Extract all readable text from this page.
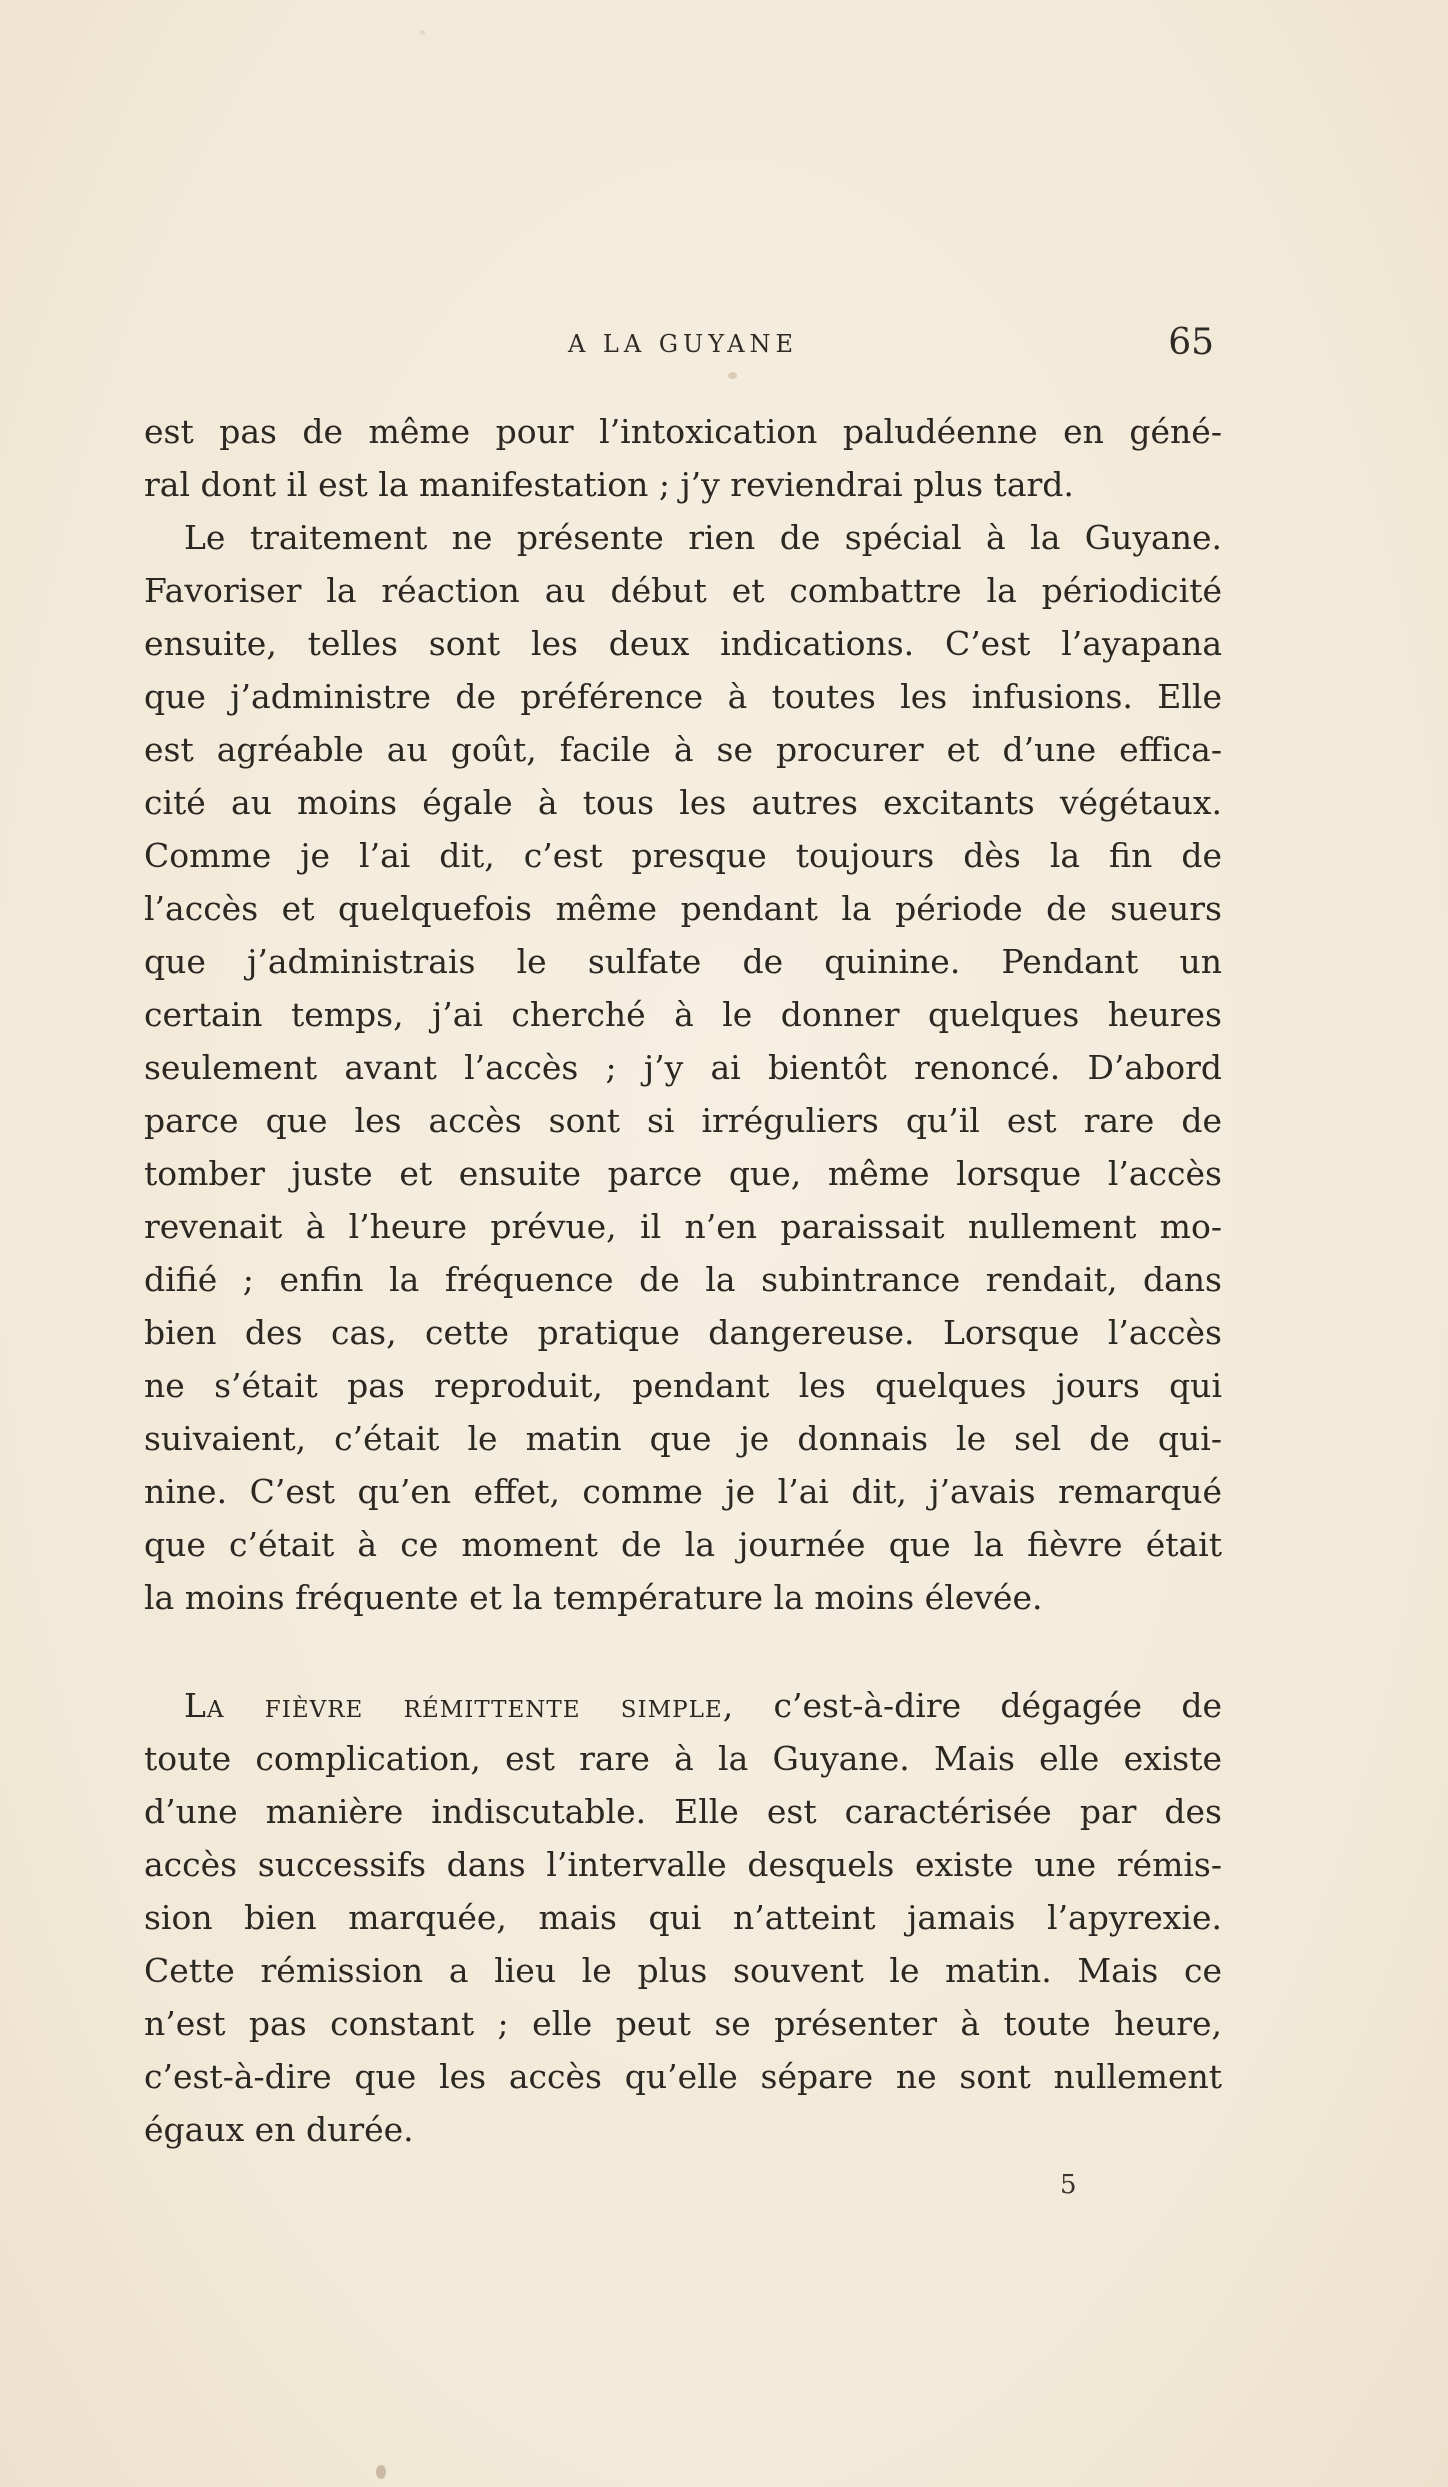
A LA GUYANE	65
est pas de même pour l’intoxication paludéenne en géné-
ral dont il est la manifestation ; j’y reviendrai plus tard.
Le traitement ne présente rien de spécial à la Guyane.
Favoriser la réaction au début et combattre la périodicité
ensuite, telles sont les deux indications. C’est l’ayapana
que j’administre de préférence à toutes les infusions. Elle
est agréable au goût, facile à se procurer et d’une effica-
cité au moins égale à tous les autres excitants végétaux.
Comme je l’ai dit, c’est presque toujours dès la fin de
l’accès et quelquefois même pendant la période de sueurs
que j’administrais le sulfate de quinine. Pendant un
certain temps, j’ai cherché à le donner quelques heures
seulement avant l’accès ; j’y ai bientôt renoncé. D’abord
parce que les accès sont si irréguliers qu’il est rare de
tomber juste et ensuite parce que, même lorsque l’accès
revenait à l’heure prévue, il n’en paraissait nullement mo-
difié ; enfin la fréquence de la subintrance rendait, dans
bien des cas, cette pratique dangereuse. Lorsque l’accès
ne s’était pas reproduit, pendant les quelques jours qui
suivaient, c’était le matin que je donnais le sel de qui-
nine. C’est qu’en effet, comme je l’ai dit, j’avais remarqué
que c’était à ce moment de la journée que la fièvre était
la moins fréquente et la température la moins élevée.
La fièvre rémittente simple, c’est-à-dire dégagée de
toute complication, est rare à la Guyane. Mais elle existe
d’une manière indiscutable. Elle est caractérisée par des
accès successifs dans l’intervalle desquels existe une rémis-
sion bien marquée, mais qui n’atteint jamais l’apyrexie.
Cette rémission a lieu le plus souvent le matin. Mais ce
n’est pas constant ; elle peut se présenter à toute heure,
c’est-à-dire que les accès qu’elle sépare ne sont nullement
égaux en durée.
5
